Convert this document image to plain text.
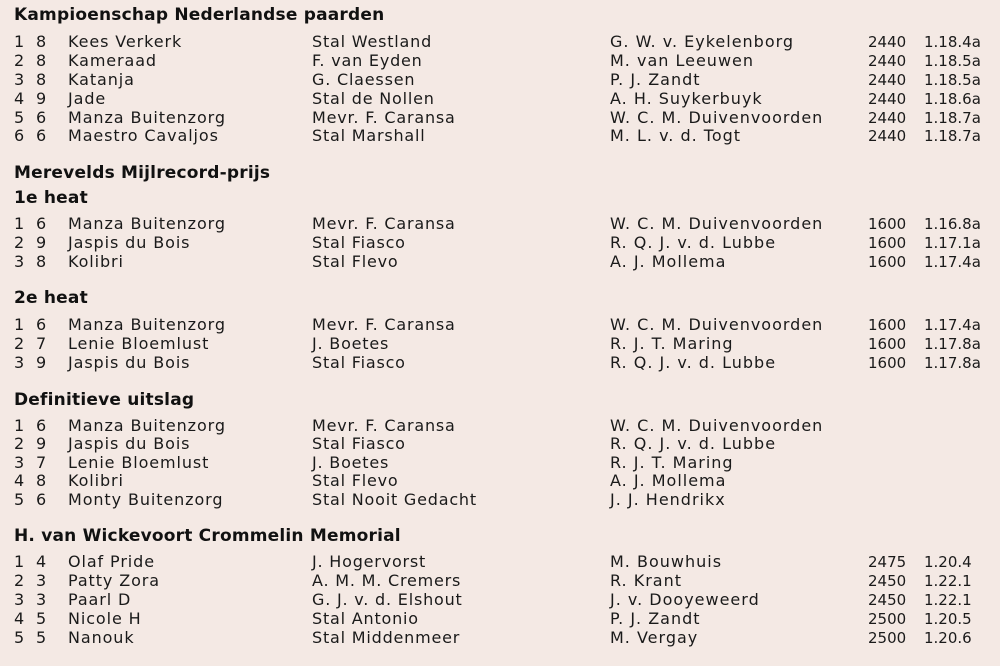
Kampioenschap Nederlandse paarden
1 8 Kees Verkerk	Stal Westland	G. W. v. Eykelenborg	2440 1.18.4a
2 8 Kameraad	F. van Eyden	M. van Leeuwen	2440 1.18.5a
3 8 Katanja	G. Claessen	P. J. Zandt	2440 1.18.5a
4 9 Jade	Stal de Nollen	A. H. Suykerbuyk	2440 1.18.6a
5 6 Manza Buitenzorg	Mevr. F. Caransa	W. C. M. Duivenvoorden	2440 1.18.7a
6 6 Maestro Cavaljos	Stal Marshall	M. L. v. d. Togt	2440 1.18.7a
Merevelds Mijlrecord-prijs
1e heat
1 6 Manza Buitenzorg	Mevr. F. Caransa	W. C. M. Duivenvoorden	1600 1.16.8a
2 9 Jaspis du Bois	Stal Fiasco	R. Q. J. v. d. Lubbe	1600 1.17.1a
3 8 Kolibri	Stal Flevo	A. J. Mollema	1600 1.17.4a
2e heat
1 6 Manza Buitenzorg	Mevr. F. Caransa	W. C. M. Duivenvoorden	1600 1.17.4a
2 7 Lenie Bloemlust	J. Boetes	R. J. T. Maring	1600 1.17.8a
3 9 Jaspis du Bois	Stal Fiasco	R. Q. J. v. d. Lubbe	1600 1.17.8a
Definitieve uitslag
1 6 Manza Buitenzorg	Mevr. F. Caransa	W. C. M. Duivenvoorden
2 9 Jaspis du Bois	Stal Fiasco	R. Q. J. v. d. Lubbe
3 7 Lenie Bloemlust	J. Boetes	R. J. T. Maring
4 8 Kolibri	Stal Flevo	A. J. Mollema
5 6 Monty Buitenzorg	Stal Nooit Gedacht	J. J. Hendrikx
H. van Wickevoort Crommelin Memorial
1 4 Olaf Pride	J. Hogervorst	M. Bouwhuis	2475 1.20.4
2 3 Patty Zora	A. M. M. Cremers	R. Krant	2450 1.22.1
3 3 Paarl D	G. J. v. d. Elshout	J. v. Dooyeweerd	2450 1.22.1
4 5 Nicole H	Stal Antonio	P. J. Zandt	2500 1.20.5
5 5 Nanouk	Stal Middenmeer	M. Vergay	2500 1.20.6
